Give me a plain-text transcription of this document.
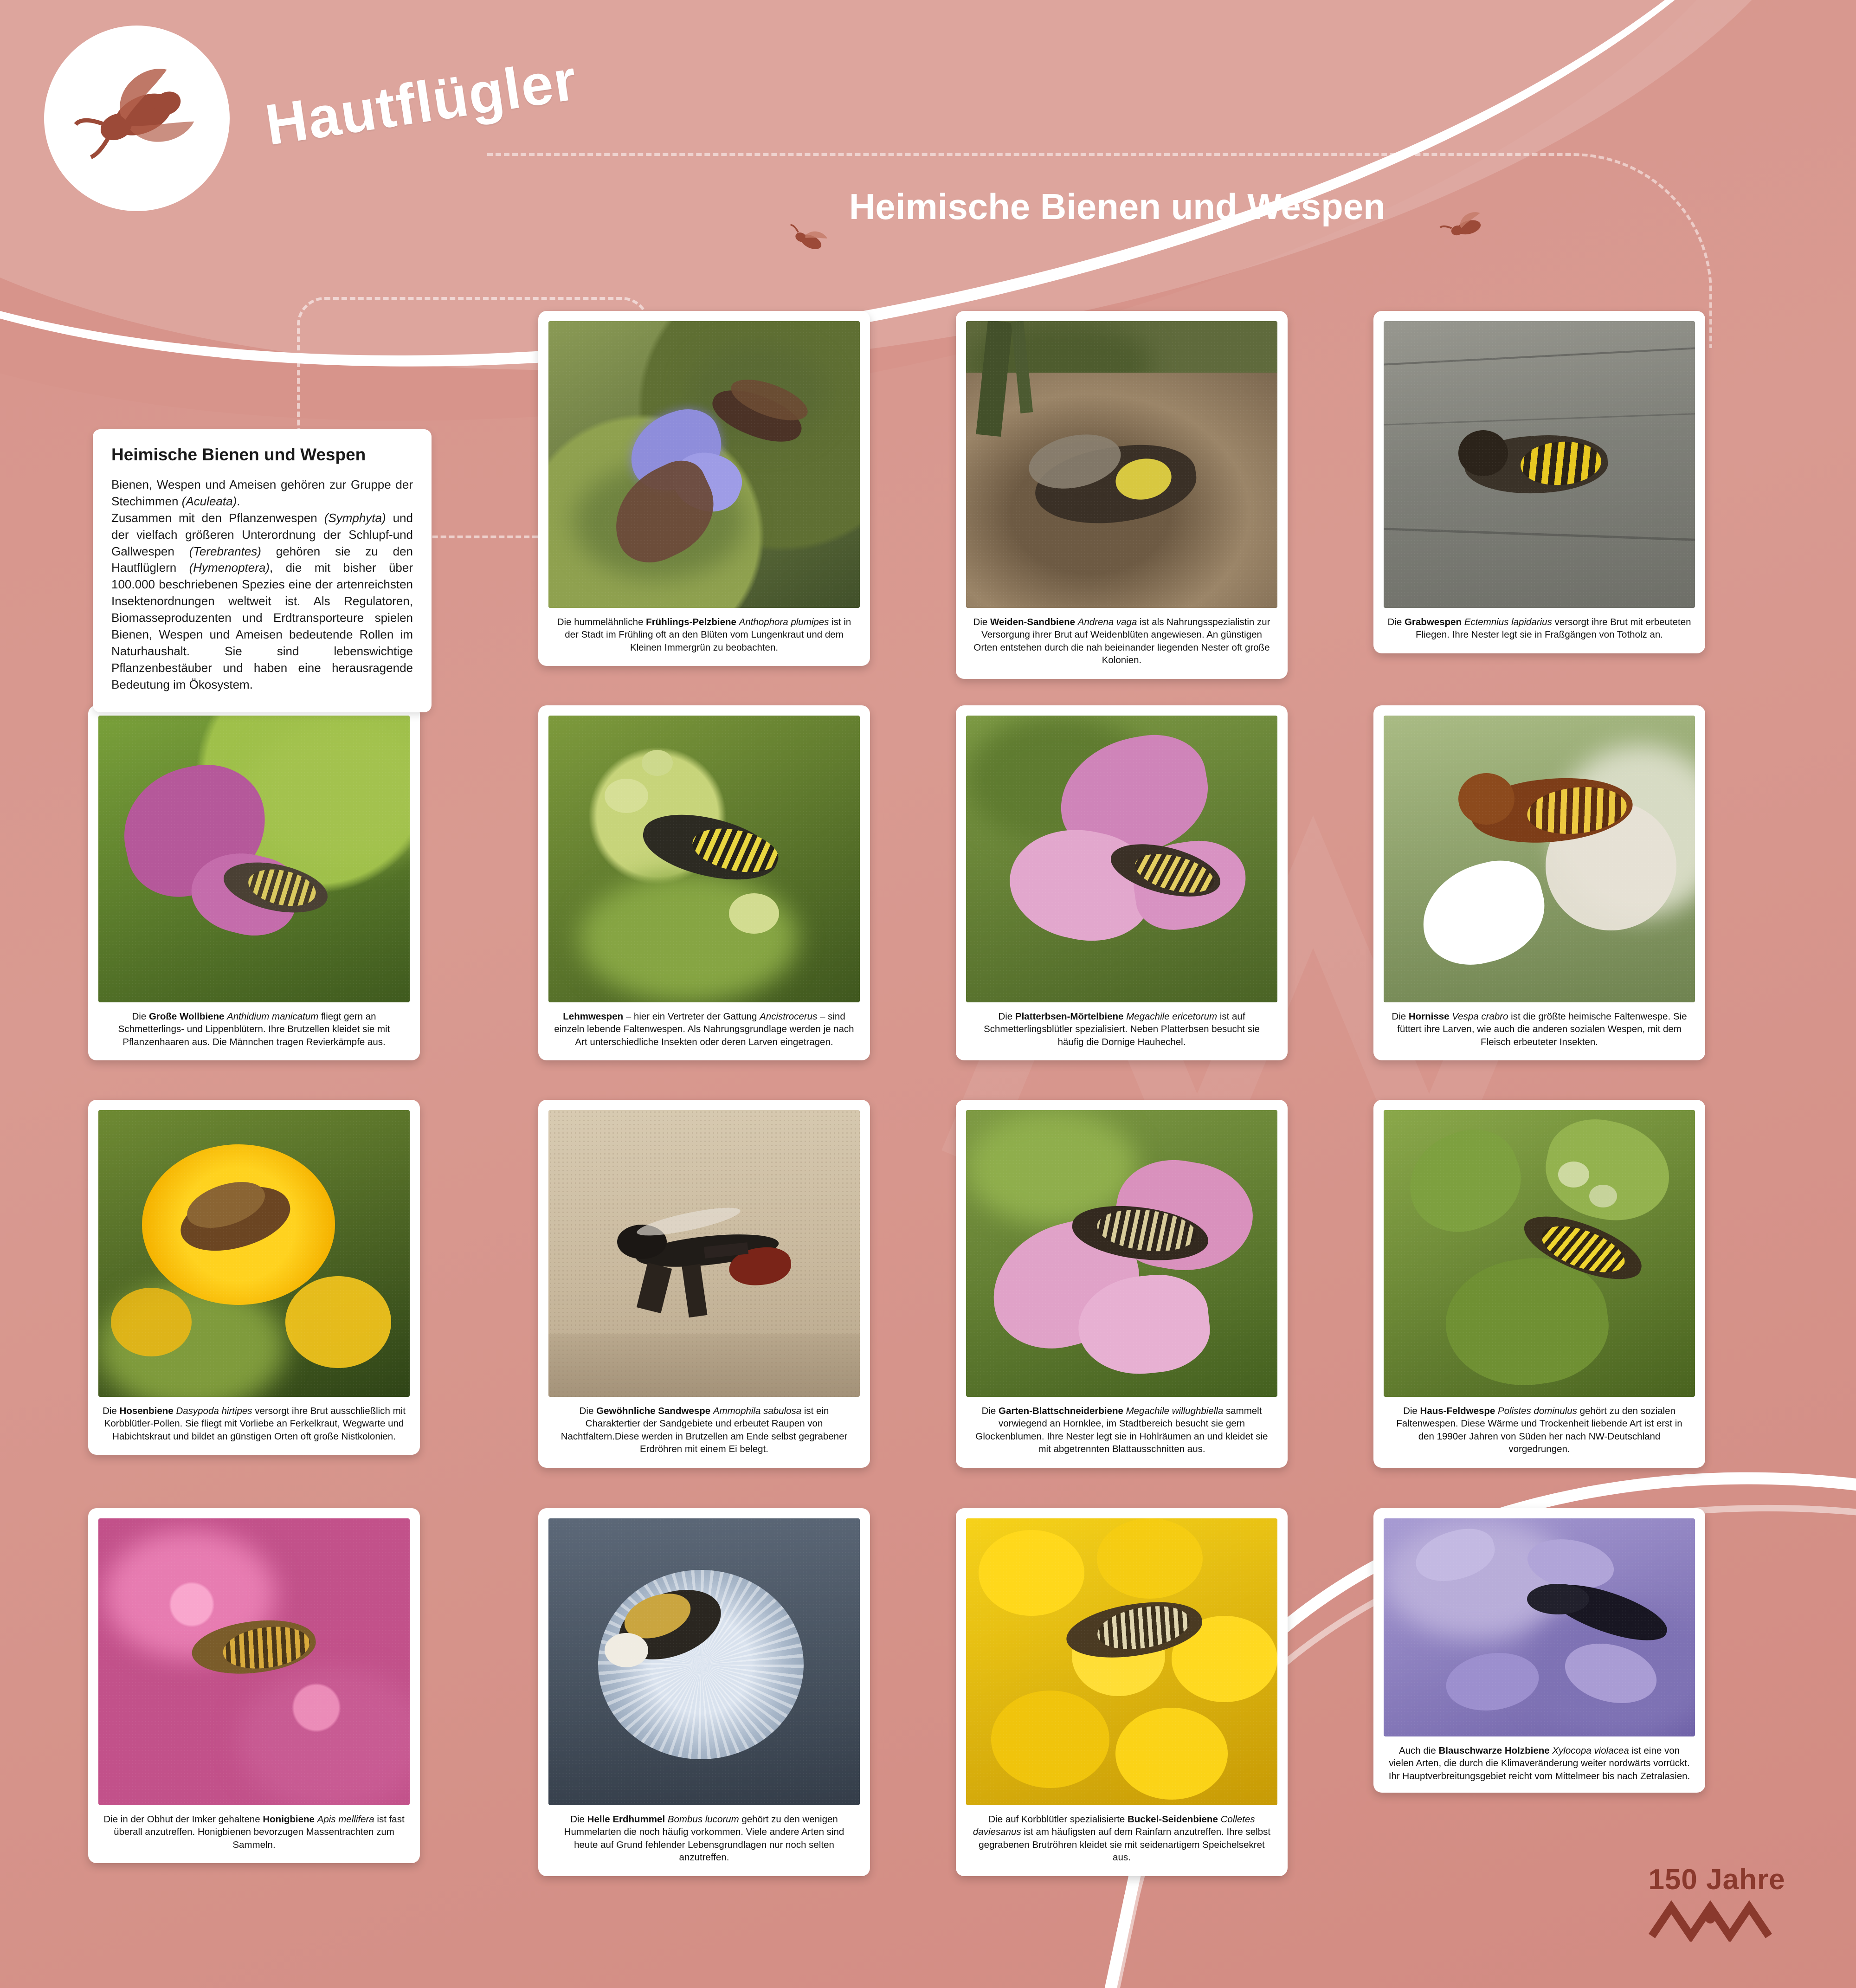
Hautflügler
Heimische Bienen und Wespen
Heimische Bienen und Wespen

Bienen, Wespen und Ameisen gehören zur Gruppe der Stechimmen (Aculeata).
Zusammen mit den Pflanzenwespen (Symphyta) und der vielfach größeren Unterordnung der Schlupf-und Gallwespen (Terebrantes) gehören sie zu den Hautflüglern (Hymenoptera), die mit bisher über 100.000 beschriebenen Spezies eine der artenreichsten Insektenordnungen weltweit ist. Als Regulatoren, Biomasseproduzenten und Erdtransporteure spielen Bienen, Wespen und Ameisen bedeutende Rollen im Naturhaushalt. Sie sind lebenswichtige Pflanzenbestäuber und haben eine herausragende Bedeutung im Ökosystem.

Die hummelähnliche Frühlings-Pelzbiene Anthophora plumipes ist in der Stadt im Frühling oft an den Blüten vom Lungenkraut und dem Kleinen Immergrün zu beobachten.
Die Weiden-Sandbiene Andrena vaga ist als Nahrungsspezialistin zur Versorgung ihrer Brut auf Weidenblüten angewiesen. An günstigen Orten entstehen durch die nah beieinander liegenden Nester oft große Kolonien.
Die Grabwespen Ectemnius lapidarius versorgt ihre Brut mit erbeuteten Fliegen. Ihre Nester legt sie in Fraßgängen von Totholz an.
Die Große Wollbiene Anthidium manicatum fliegt gern an Schmetterlings- und Lippenblütern. Ihre Brutzellen kleidet sie mit Pflanzenhaaren aus. Die Männchen tragen Revierkämpfe aus.
Lehmwespen – hier ein Vertreter der Gattung Ancistrocerus – sind einzeln lebende Faltenwespen. Als Nahrungsgrundlage werden je nach Art unterschiedliche Insekten oder deren Larven eingetragen.
Die Platterbsen-Mörtelbiene Megachile ericetorum ist auf Schmetterlingsblütler spezialisiert. Neben Platterbsen besucht sie häufig die Dornige Hauhechel.
Die Hornisse Vespa crabro ist die größte heimische Faltenwespe. Sie füttert ihre Larven, wie auch die anderen sozialen Wespen, mit dem Fleisch erbeuteter Insekten.
Die Hosenbiene Dasypoda hirtipes versorgt ihre Brut ausschließlich mit Korbblütler-Pollen. Sie fliegt mit Vorliebe an Ferkelkraut, Wegwarte und Habichtskraut und bildet an günstigen Orten oft große Nistkolonien.
Die Gewöhnliche Sandwespe Ammophila sabulosa ist ein Charaktertier der Sandgebiete und erbeutet Raupen von Nachtfaltern.Diese werden in Brutzellen am Ende selbst gegrabener Erdröhren mit einem Ei belegt.
Die Garten-Blattschneiderbiene Megachile willughbiella sammelt vorwiegend an Hornklee, im Stadtbereich besucht sie gern Glockenblumen. Ihre Nester legt sie in Hohlräumen an und kleidet sie mit abgetrennten Blattausschnitten aus.
Die Haus-Feldwespe Polistes dominulus gehört zu den sozialen Faltenwespen. Diese Wärme und Trockenheit liebende Art ist erst in den 1990er Jahren von Süden her nach NW-Deutschland vorgedrungen.
Die in der Obhut der Imker gehaltene Honigbiene Apis mellifera ist fast überall anzutreffen. Honigbienen bevorzugen Massentrachten zum Sammeln.
Die Helle Erdhummel Bombus lucorum gehört zu den wenigen Hummelarten die noch häufig vorkommen. Viele andere Arten sind heute auf Grund fehlender Lebensgrundlagen nur noch selten anzutreffen.
Die auf Korbblütler spezialisierte Buckel-Seidenbiene Colletes daviesanus ist am häufigsten auf dem Rainfarn anzutreffen. Ihre selbst gegrabenen Brutröhren kleidet sie mit seidenartigem Speichelsekret aus.
Auch die Blauschwarze Holzbiene Xylocopa violacea ist eine von vielen Arten, die durch die Klimaveränderung weiter nordwärts vorrückt. Ihr Hauptverbreitungsgebiet reicht vom Mittelmeer bis nach Zetralasien.
150 Jahre
